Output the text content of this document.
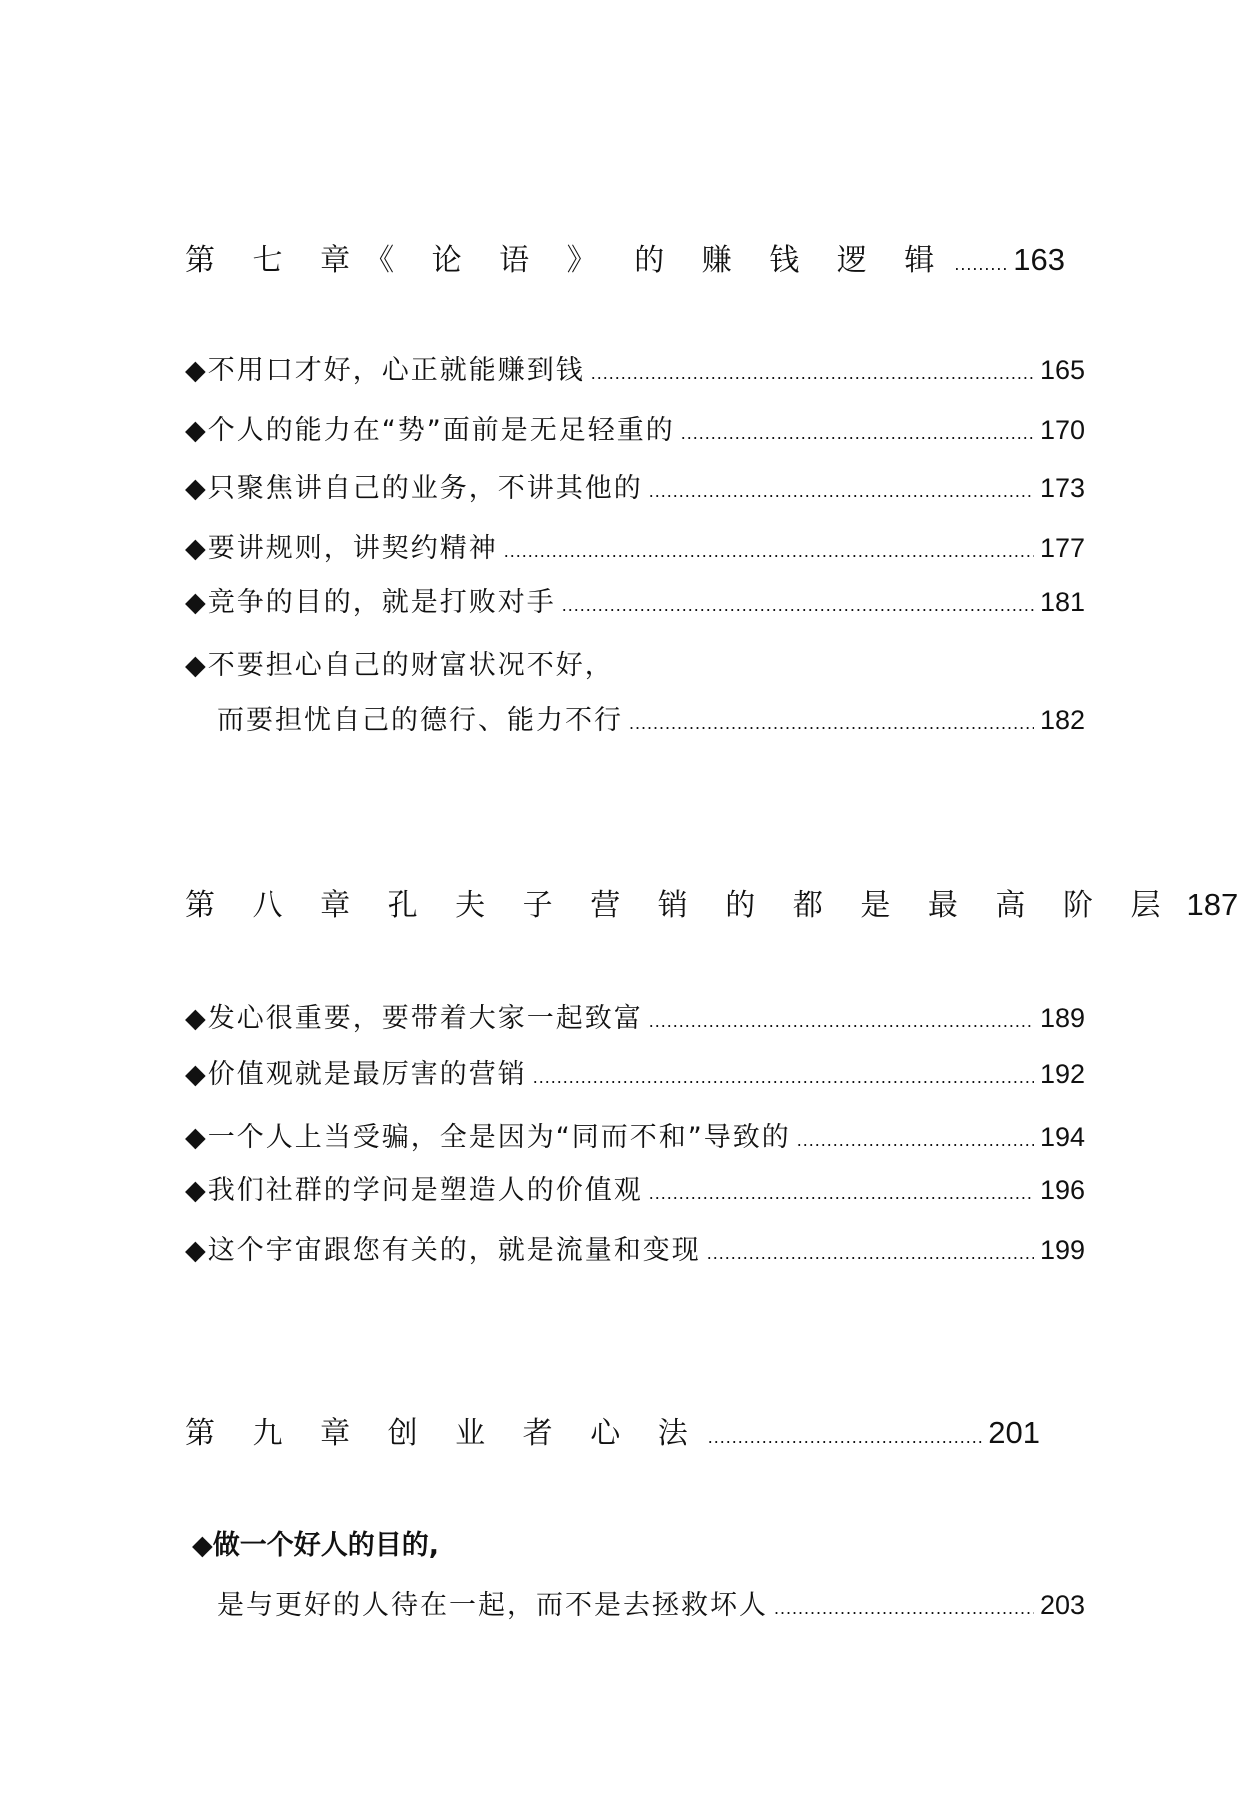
第 七 章《 论 语 》 的 赚 钱 逻 辑 ..... 163
◆不用口才好，心正就能赚到钱 .....	165
◆个人的能力在“势”面前是无足轻重的 .....	170
◆只聚焦讲自己的业务，不讲其他的 .....	173
◆要讲规则，讲契约精神 .....	177
◆竞争的目的，就是打败对手 .....	181
◆不要担心自己的财富状况不好，
而要担忧自己的德行、能力不行 .....	182
第 八 章 孔 夫 子 营 销 的 都 是 最 高 阶 层 187
◆发心很重要，要带着大家一起致富 .....	189
◆价值观就是最厉害的营销 .....	192
◆一个人上当受骗，全是因为“同而不和”导致的 .....	194
◆我们社群的学问是塑造人的价值观 .....	196
◆这个宇宙跟您有关的，就是流量和变现 .....	199
第 九 章 创 业 者 心 法 .....	201
◆做一个好人的目的,
是与更好的人待在一起，而不是去拯救坏人 .....	203
